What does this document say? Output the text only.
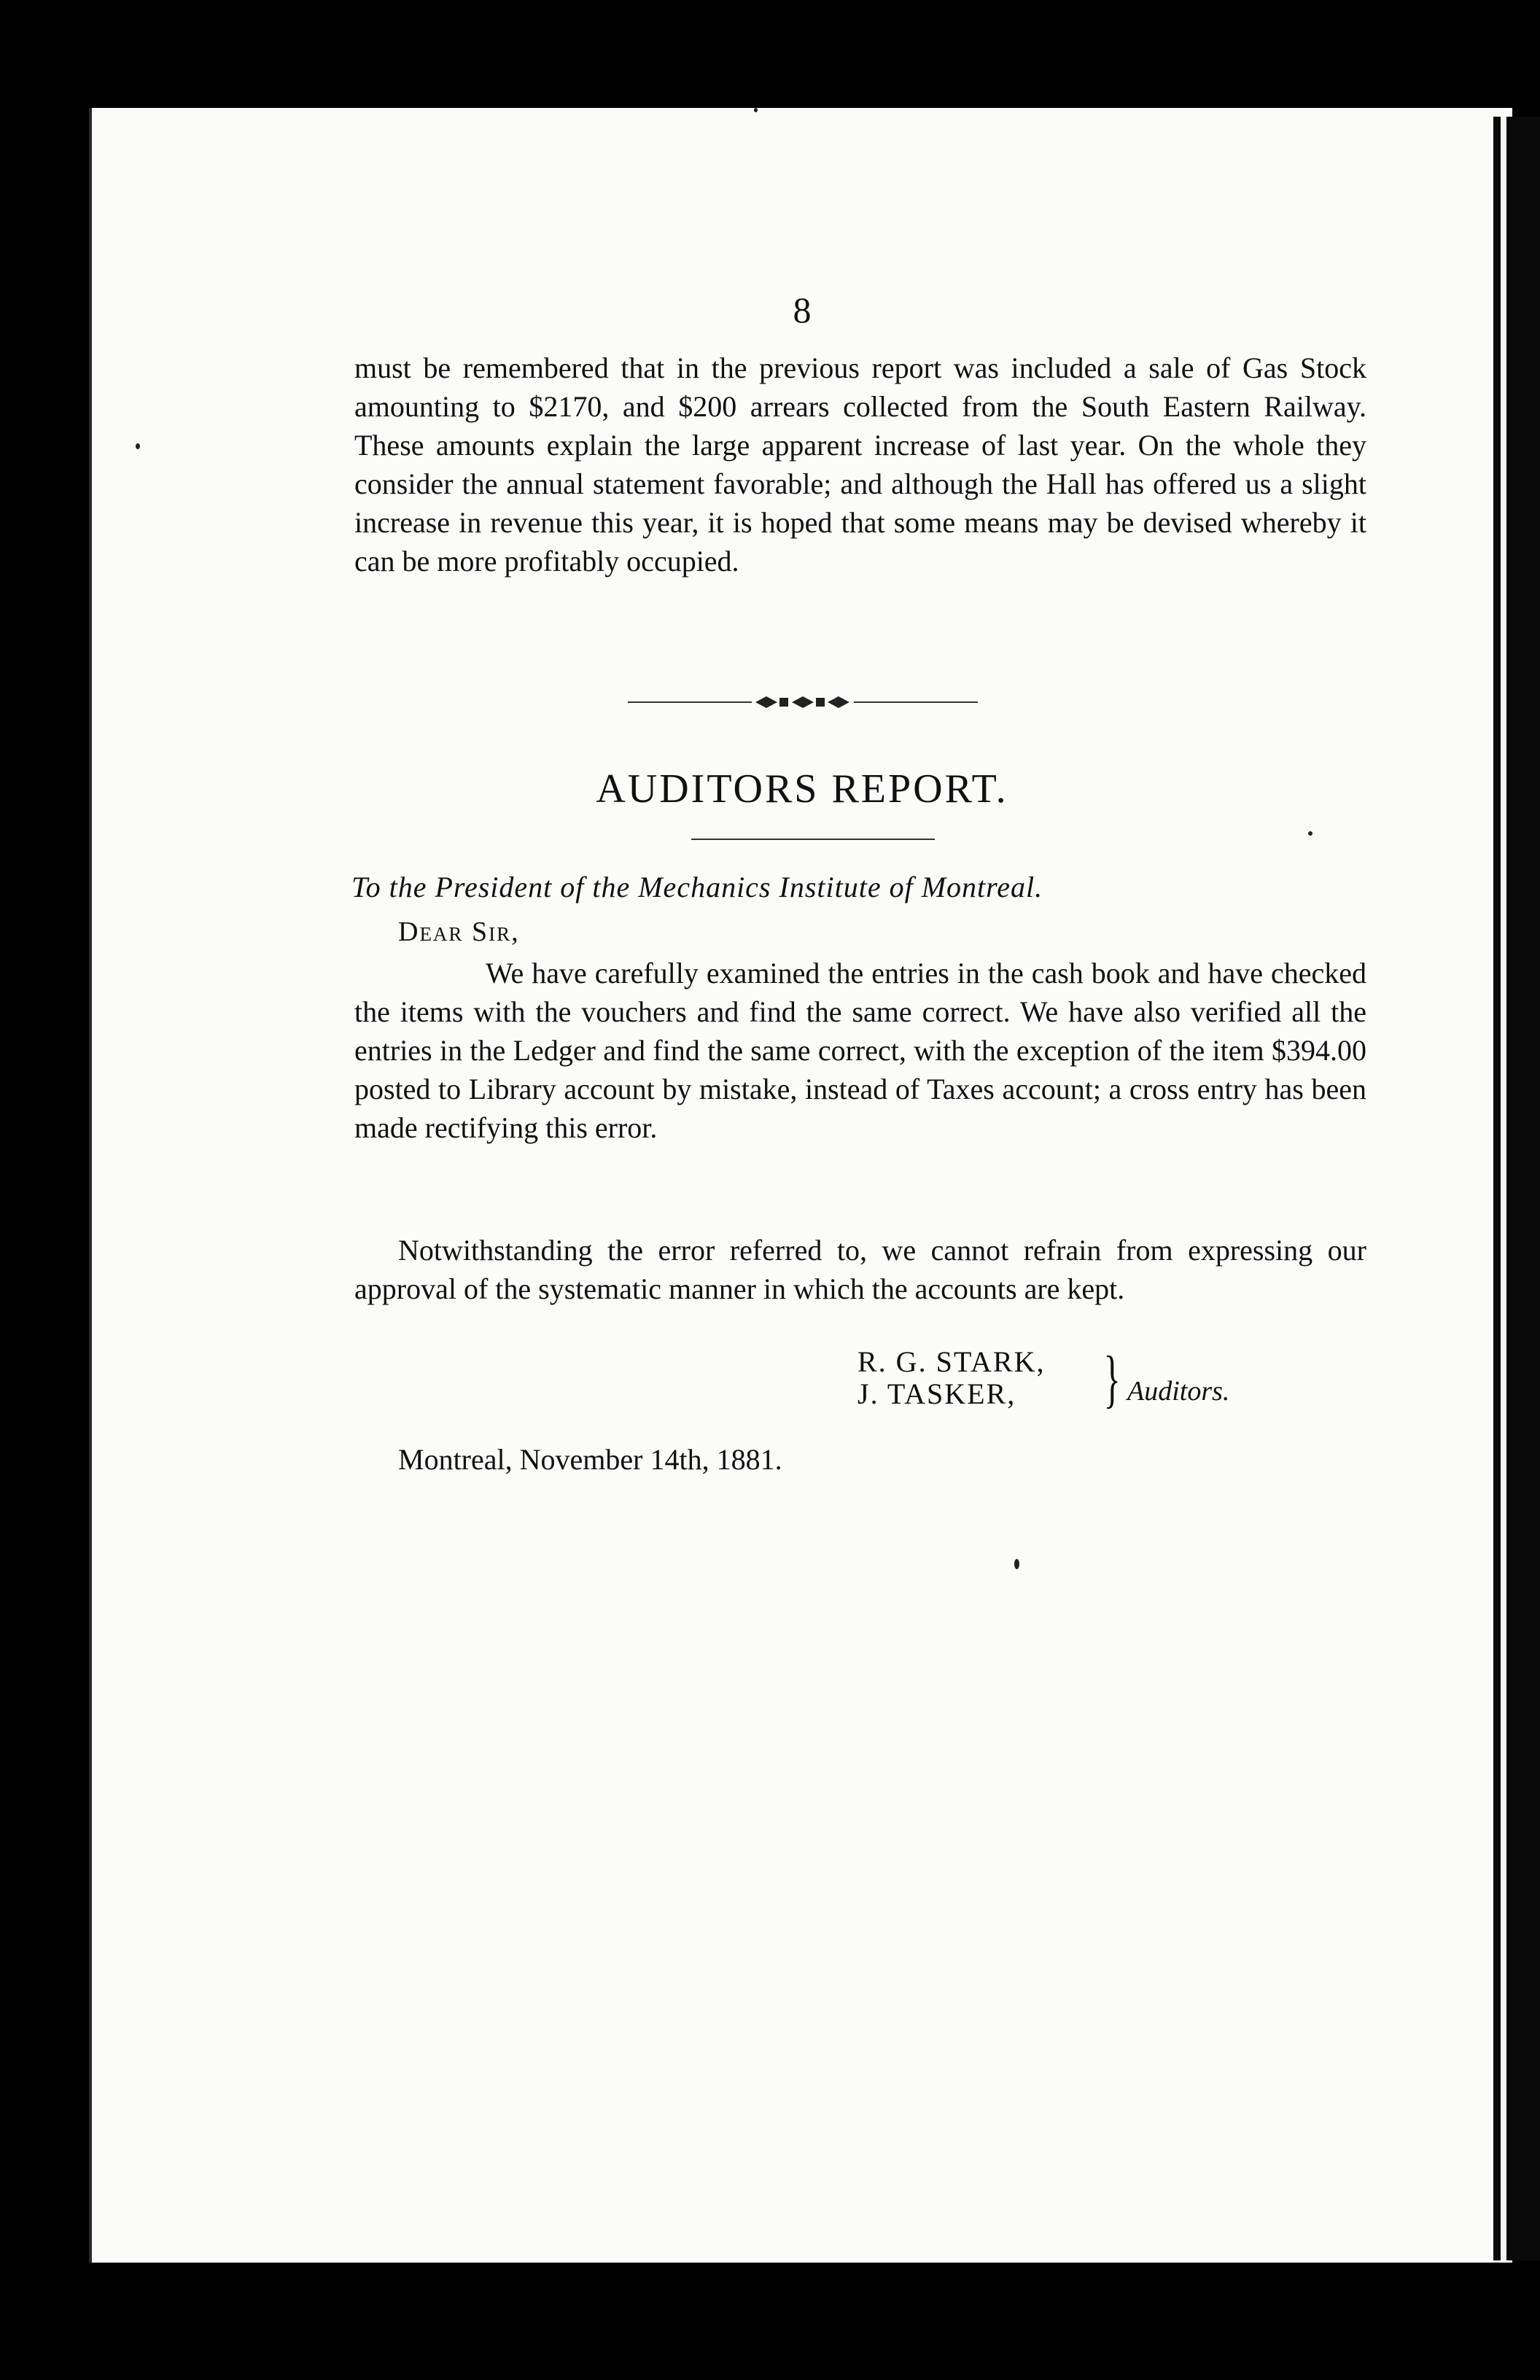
8

must be remembered that in the previous report was included a sale of Gas Stock amounting to $2170, and $200 arrears collected from the South Eastern Railway. These amounts explain the large apparent increase of last year. On the whole they consider the annual statement favorable; and although the Hall has offered us a slight increase in revenue this year, it is hoped that some means may be devised whereby it can be more profitably occupied.

AUDITORS REPORT.
To the President of the Mechanics Institute of Montreal.
Dear Sir,

We have carefully examined the entries in the cash book and have checked the items with the vouchers and find the same correct. We have also verified all the entries in the Ledger and find the same correct, with the exception of the item $394.00 posted to Library account by mistake, instead of Taxes account; a cross entry has been made rectifying this error.

Notwithstanding the error referred to, we cannot refrain from expressing our approval of the systematic manner in which the accounts are kept.

R. G. STARK,
J. TASKER,	} Auditors.
Montreal, November 14th, 1881.
